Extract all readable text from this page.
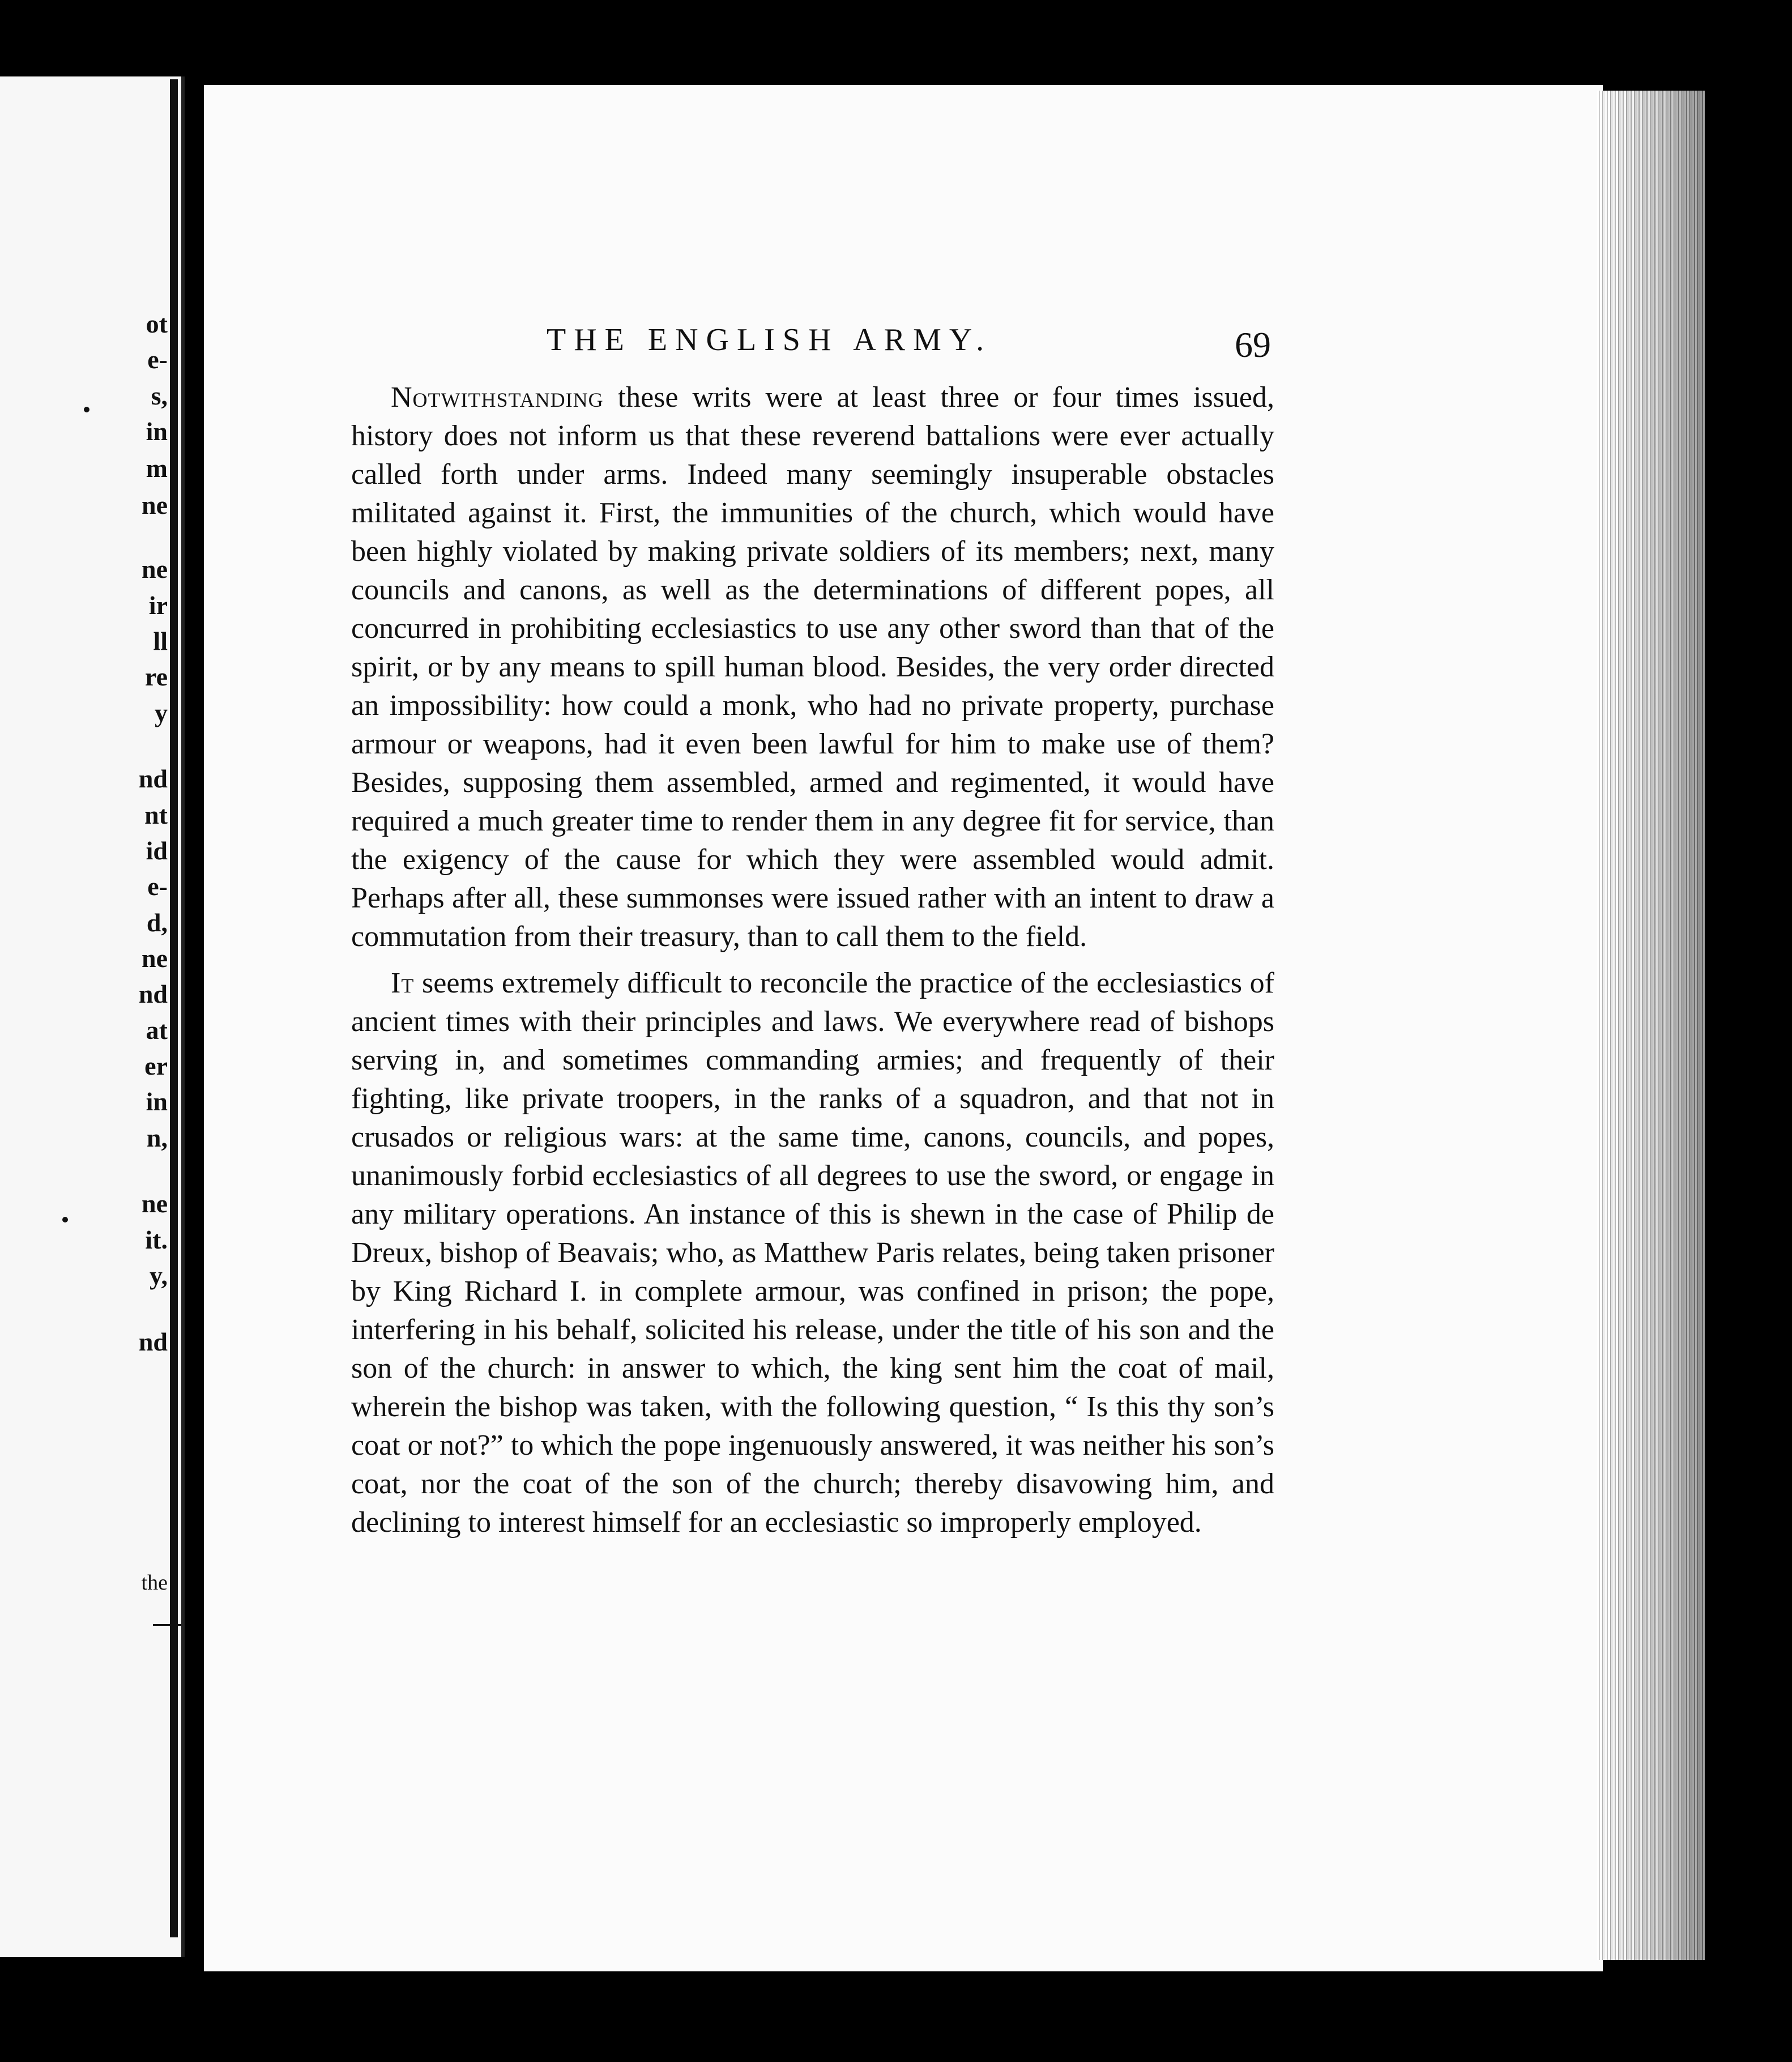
ot
e-
s,
in
m
ne
ne
ir
ll
re
y
nd
nt
id
e-
d,
ne
nd
at
er
in
n,
ne
it.
y,
nd
the
THE ENGLISH ARMY.	69

Notwithstanding these writs were at least three or four times issued, history does not inform us that these reverend battalions were ever actually called forth under arms. Indeed many seemingly insuperable obstacles militated against it. First, the immunities of the church, which would have been highly violated by making private soldiers of its members; next, many councils and canons, as well as the determinations of different popes, all concurred in prohibiting ecclesiastics to use any other sword than that of the spirit, or by any means to spill human blood. Besides, the very order directed an impossibility: how could a monk, who had no private property, purchase armour or weapons, had it even been lawful for him to make use of them? Besides, supposing them assembled, armed and regimented, it would have required a much greater time to render them in any degree fit for service, than the exigency of the cause for which they were assembled would admit. Perhaps after all, these summonses were issued rather with an intent to draw a commutation from their treasury, than to call them to the field.

It seems extremely difficult to reconcile the practice of the ecclesiastics of ancient times with their principles and laws. We everywhere read of bishops serving in, and sometimes commanding armies; and frequently of their fighting, like private troopers, in the ranks of a squadron, and that not in crusados or religious wars: at the same time, canons, councils, and popes, unanimously forbid ecclesiastics of all degrees to use the sword, or engage in any military operations. An instance of this is shewn in the case of Philip de Dreux, bishop of Beavais; who, as Matthew Paris relates, being taken prisoner by King Richard I. in complete armour, was confined in prison; the pope, interfering in his behalf, solicited his release, under the title of his son and the son of the church: in answer to which, the king sent him the coat of mail, wherein the bishop was taken, with the following question, “ Is this thy son’s coat or not?” to which the pope ingenuously answered, it was neither his son’s coat, nor the coat of the son of the church; thereby disavowing him, and declining to interest himself for an ecclesiastic so improperly employed.
